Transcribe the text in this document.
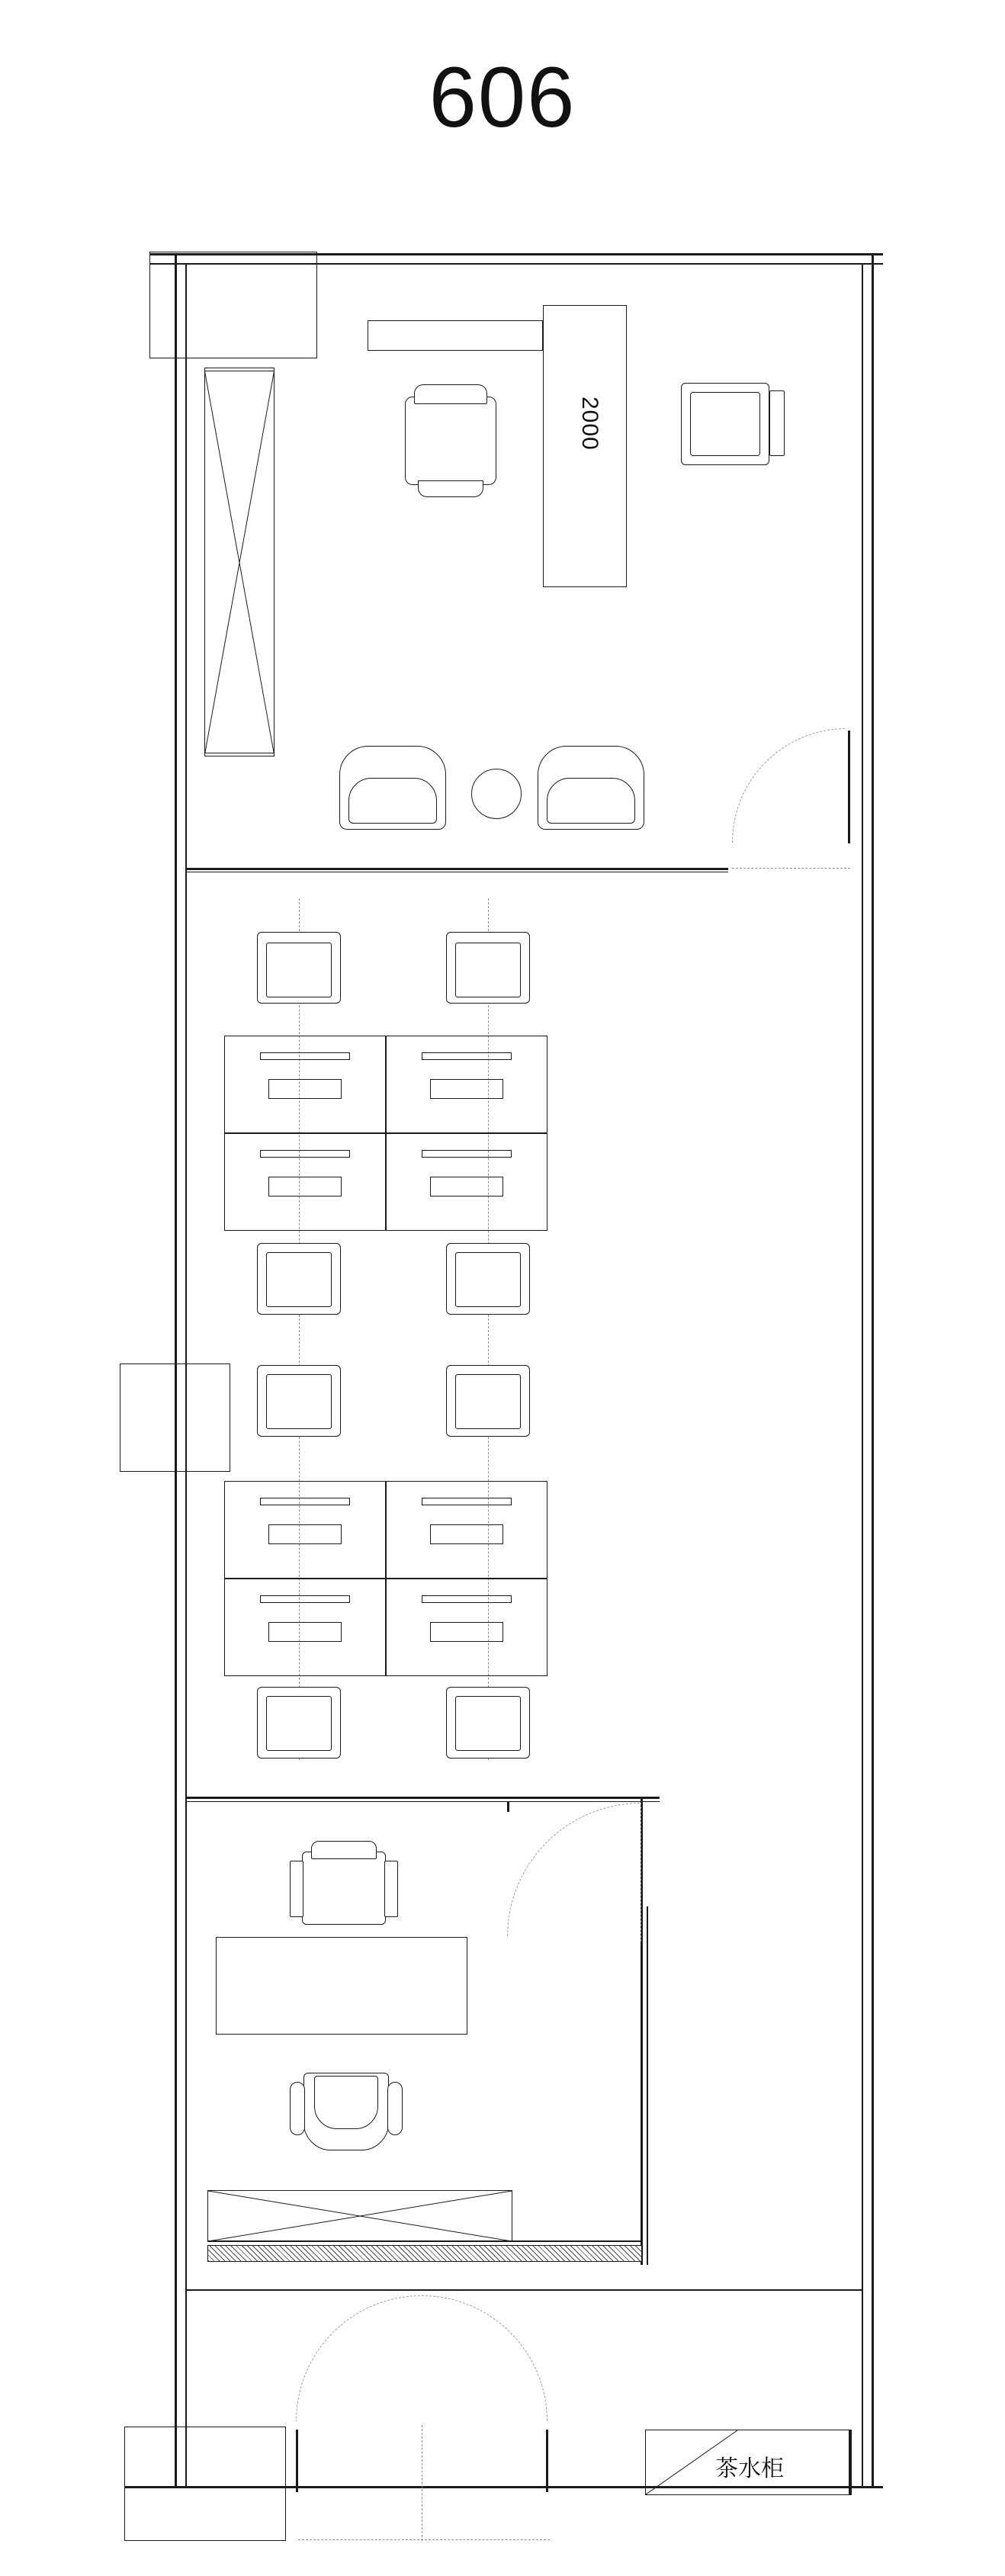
606
2000
茶水柜
